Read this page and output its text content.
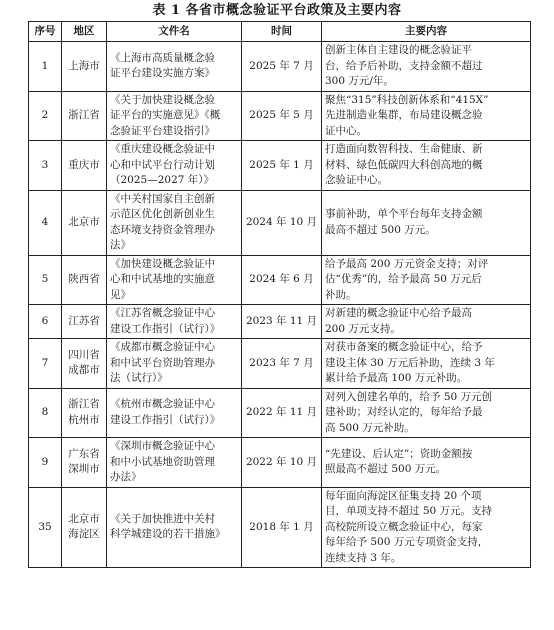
表 1 各省市概念验证平台政策及主要内容
序号	地区	文件名	时间	主要内容
1	上海市	《上海市高质量概念验
证平台建设实施方案》	2025 年 7 月	创新主体自主建设的概念验证平
台，给予后补助，支持金额不超过
300 万元/年。
2	浙江省	《关于加快建设概念验
证平台的实施意见》《概
念验证平台建设指引》	2025 年 5 月	聚焦“315”科技创新体系和“415X”
先进制造业集群，布局建设概念验
证中心。
3	重庆市	《重庆建设概念验证中
心和中试平台行动计划
（2025—2027 年）》	2025 年 1 月	打造面向数智科技、生命健康、新
材料、绿色低碳四大科创高地的概
念验证中心。
4	北京市	《中关村国家自主创新
示范区优化创新创业生
态环境支持资金管理办
法》	2024 年 10 月	事前补助，单个平台每年支持金额
最高不超过 500 万元。
5	陕西省	《加快建设概念验证中
心和中试基地的实施意
见》	2024 年 6 月	给予最高 200 万元资金支持；对评
估“优秀”的，给予最高 50 万元后
补助。
6	江苏省	《江苏省概念验证中心
建设工作指引（试行）》	2023 年 11 月	对新建的概念验证中心给予最高
200 万元支持。
7	四川省
成都市	《成都市概念验证中心
和中试平台资助管理办
法（试行）》	2023 年 7 月	对获市备案的概念验证中心，给予
建设主体 30 万元后补助，连续 3 年
累计给予最高 100 万元补助。
8	浙江省
杭州市	《杭州市概念验证中心
建设工作指引（试行）》	2022 年 11 月	对列入创建名单的，给予 50 万元创
建补助；对经认定的，每年给予最
高 500 万元补助。
9	广东省
深圳市	《深圳市概念验证中心
和中小试基地资助管理
办法》	2022 年 10 月	“先建设、后认定”；资助金额按
照最高不超过 500 万元。
35	北京市
海淀区	《关于加快推进中关村
科学城建设的若干措施》	2018 年 1 月	每年面向海淀区征集支持 20 个项
目，单项支持不超过 50 万元。支持
高校院所设立概念验证中心，每家
每年给予 500 万元专项资金支持，
连续支持 3 年。
